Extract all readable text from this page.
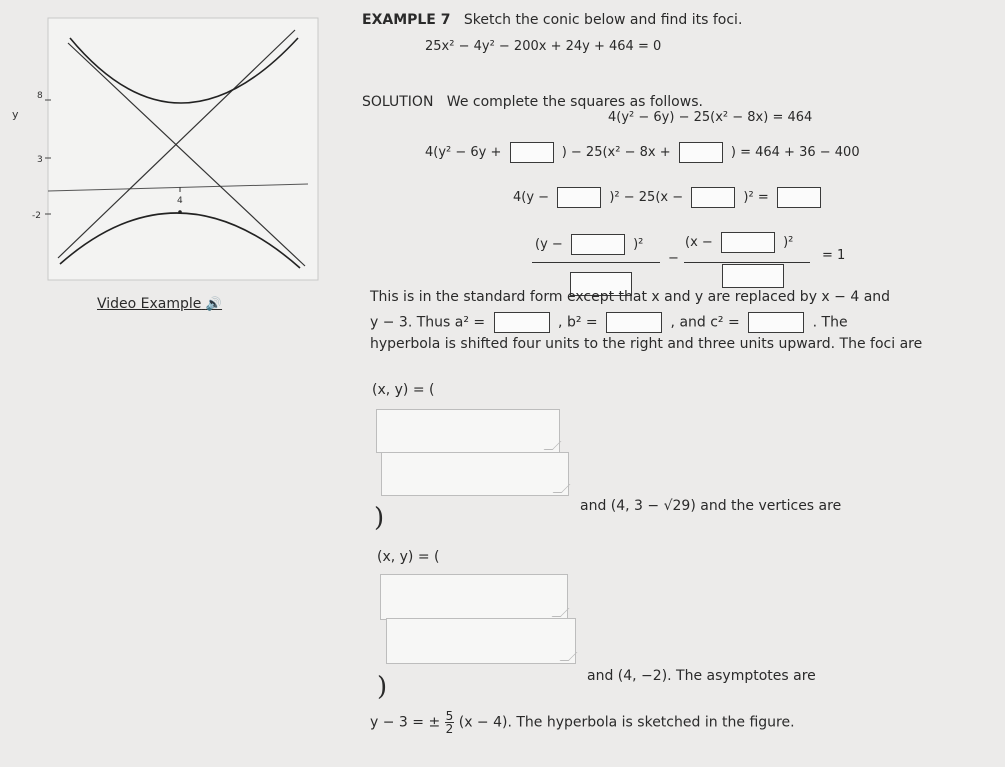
8
y
3
-2
4
Video Example 🔊
EXAMPLE 7 Sketch the conic below and find its foci.
25x² − 4y² − 200x + 24y + 464 = 0
SOLUTION We complete the squares as follows.
4(y² − 6y) − 25(x² − 8x) = 464
4(y² − 6y +	) − 25(x² − 8x +	) = 464 + 36 − 400
4(y −	)² − 25(x −	)² =
(y −	)²
−
(x −	)²
= 1
This is in the standard form except that x and y are replaced by x − 4 and
y − 3. Thus a² =	, b² =	, and c² =	. The
hyperbola is shifted four units to the right and three units upward. The foci are
(x, y) = (
)	and (4, 3 − √29) and the vertices are
(x, y) = (
)	and (4, −2). The asymptotes are
y − 3 = ± $\frac{5}{2} (x - 4)$. The hyperbola is sketched in the figure.
